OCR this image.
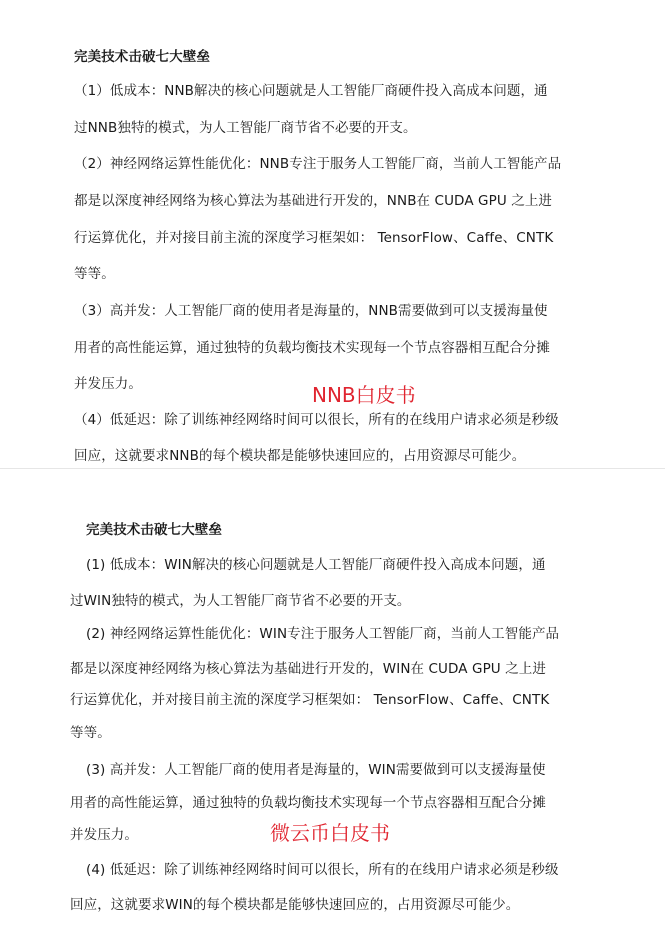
完美技术击破七大壁垒
（1）低成本：NNB解决的核心问题就是人工智能厂商硬件投入高成本问题，通
过NNB独特的模式，为人工智能厂商节省不必要的开支。
（2）神经网络运算性能优化：NNB专注于服务人工智能厂商，当前人工智能产品
都是以深度神经网络为核心算法为基础进行开发的，NNB在 CUDA GPU 之上进
行运算优化，并对接目前主流的深度学习框架如： TensorFlow、Caffe、CNTK
等等。
（3）高并发：人工智能厂商的使用者是海量的，NNB需要做到可以支援海量使
用者的高性能运算，通过独特的负载均衡技术实现每一个节点容器相互配合分摊
并发压力。
（4）低延迟：除了训练神经网络时间可以很长，所有的在线用户请求必须是秒级
回应，这就要求NNB的每个模块都是能够快速回应的，占用资源尽可能少。
NNB白皮书
完美技术击破七大壁垒
(1) 低成本：WIN解决的核心问题就是人工智能厂商硬件投入高成本问题，通
过WIN独特的模式，为人工智能厂商节省不必要的开支。
(2) 神经网络运算性能优化：WIN专注于服务人工智能厂商，当前人工智能产品
都是以深度神经网络为核心算法为基础进行开发的，WIN在 CUDA GPU 之上进
行运算优化，并对接目前主流的深度学习框架如： TensorFlow、Caffe、CNTK
等等。
(3) 高并发：人工智能厂商的使用者是海量的，WIN需要做到可以支援海量使
用者的高性能运算，通过独特的负载均衡技术实现每一个节点容器相互配合分摊
并发压力。
(4) 低延迟：除了训练神经网络时间可以很长，所有的在线用户请求必须是秒级
回应，这就要求WIN的每个模块都是能够快速回应的，占用资源尽可能少。
微云币白皮书
